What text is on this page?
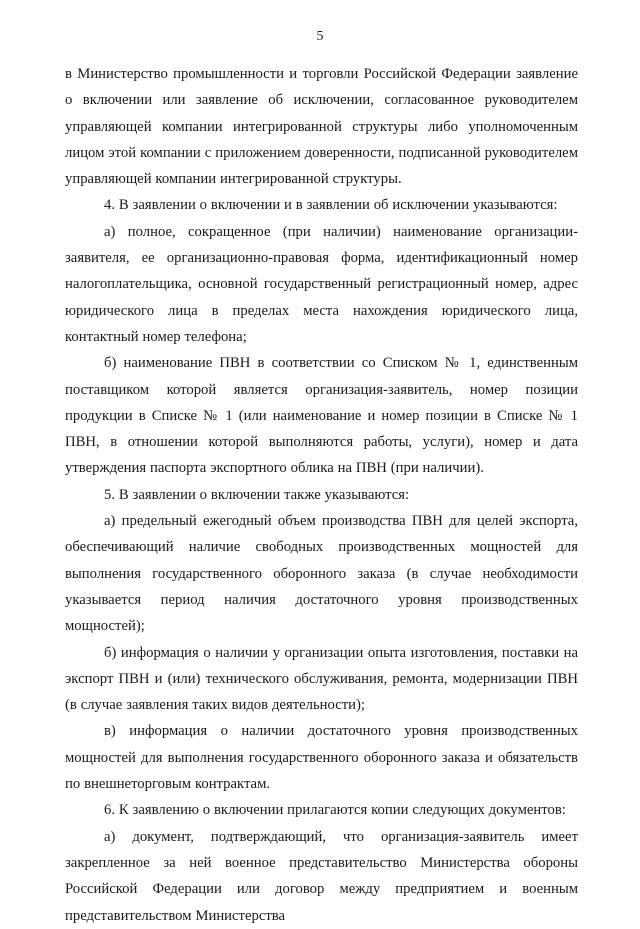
5

в Министерство промышленности и торговли Российской Федерации заявление о включении или заявление об исключении, согласованное руководителем управляющей компании интегрированной структуры либо уполномоченным лицом этой компании с приложением доверенности, подписанной руководителем управляющей компании интегрированной структуры.

4. В заявлении о включении и в заявлении об исключении указываются:

а) полное, сокращенное (при наличии) наименование организации-заявителя, ее организационно-правовая форма, идентификационный номер налогоплательщика, основной государственный регистрационный номер, адрес юридического лица в пределах места нахождения юридического лица, контактный номер телефона;

б) наименование ПВН в соответствии со Списком № 1, единственным поставщиком которой является организация-заявитель, номер позиции продукции в Списке № 1 (или наименование и номер позиции в Списке № 1 ПВН, в отношении которой выполняются работы, услуги), номер и дата утверждения паспорта экспортного облика на ПВН (при наличии).

5. В заявлении о включении также указываются:

а) предельный ежегодный объем производства ПВН для целей экспорта, обеспечивающий наличие свободных производственных мощностей для выполнения государственного оборонного заказа (в случае необходимости указывается период наличия достаточного уровня производственных мощностей);

б) информация о наличии у организации опыта изготовления, поставки на экспорт ПВН и (или) технического обслуживания, ремонта, модернизации ПВН (в случае заявления таких видов деятельности);

в) информация о наличии достаточного уровня производственных мощностей для выполнения государственного оборонного заказа и обязательств по внешнеторговым контрактам.

6. К заявлению о включении прилагаются копии следующих документов:

а) документ, подтверждающий, что организация-заявитель имеет закрепленное за ней военное представительство Министерства обороны Российской Федерации или договор между предприятием и военным представительством Министерства
